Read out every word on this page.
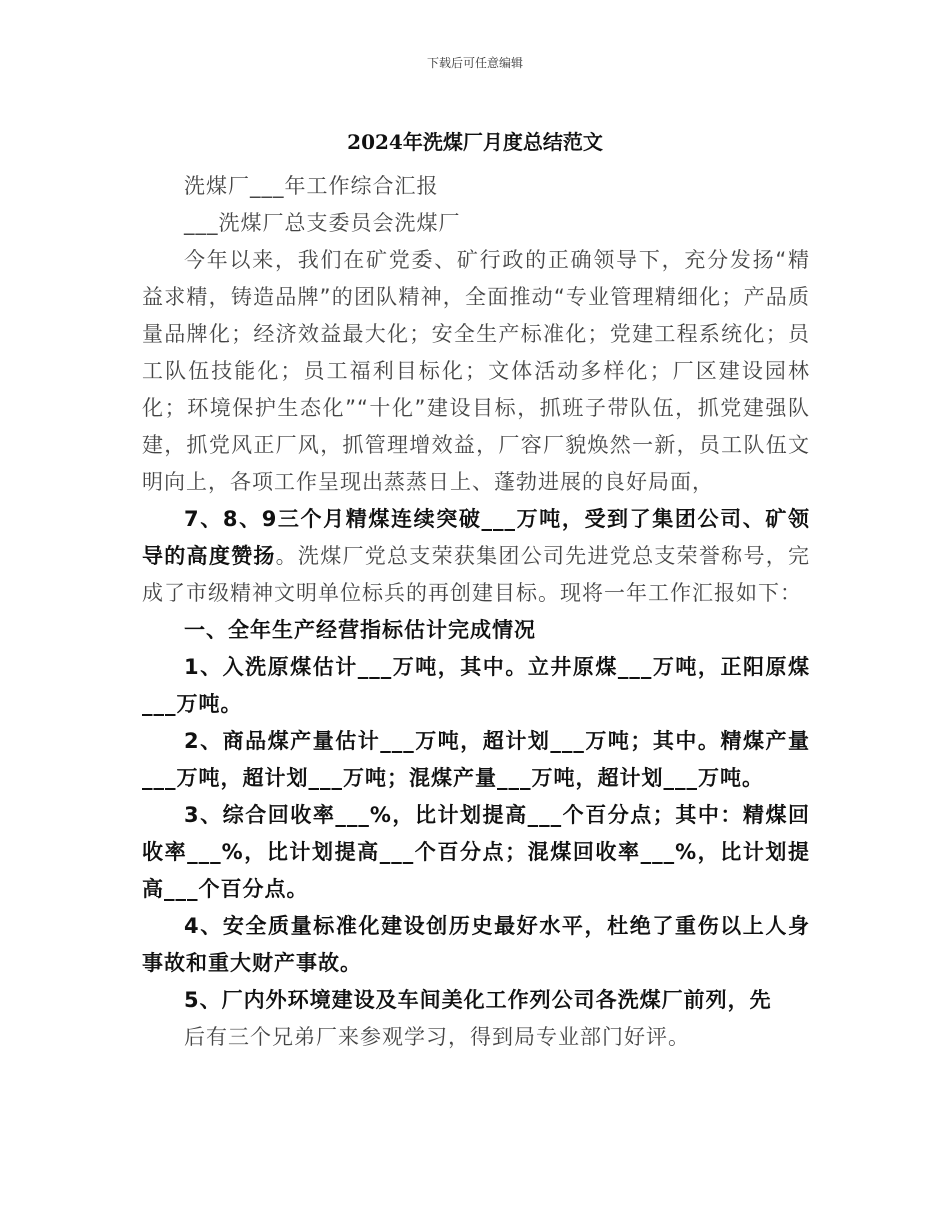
下载后可任意编辑
2024年洗煤厂月度总结范文

洗煤厂___年工作综合汇报

___洗煤厂总支委员会洗煤厂

今年以来，我们在矿党委、矿行政的正确领导下，充分发扬“精益求精，铸造品牌”的团队精神，全面推动“专业管理精细化；产品质量品牌化；经济效益最大化；安全生产标准化；党建工程系统化；员工队伍技能化；员工福利目标化；文体活动多样化；厂区建设园林化；环境保护生态化”“十化”建设目标，抓班子带队伍，抓党建强队建，抓党风正厂风，抓管理增效益，厂容厂貌焕然一新，员工队伍文明向上，各项工作呈现出蒸蒸日上、蓬勃进展的良好局面，

7、8、9三个月精煤连续突破___万吨，受到了集团公司、矿领导的高度赞扬。洗煤厂党总支荣获集团公司先进党总支荣誉称号，完成了市级精神文明单位标兵的再创建目标。现将一年工作汇报如下：

一、全年生产经营指标估计完成情况

1、入洗原煤估计___万吨，其中。立井原煤___万吨，正阳原煤___万吨。

2、商品煤产量估计___万吨，超计划___万吨；其中。精煤产量___万吨，超计划___万吨；混煤产量___万吨，超计划___万吨。

3、综合回收率___%，比计划提高___个百分点；其中：精煤回收率___%，比计划提高___个百分点；混煤回收率___%，比计划提高___个百分点。

4、安全质量标准化建设创历史最好水平，杜绝了重伤以上人身事故和重大财产事故。

5、厂内外环境建设及车间美化工作列公司各洗煤厂前列，先

后有三个兄弟厂来参观学习，得到局专业部门好评。
